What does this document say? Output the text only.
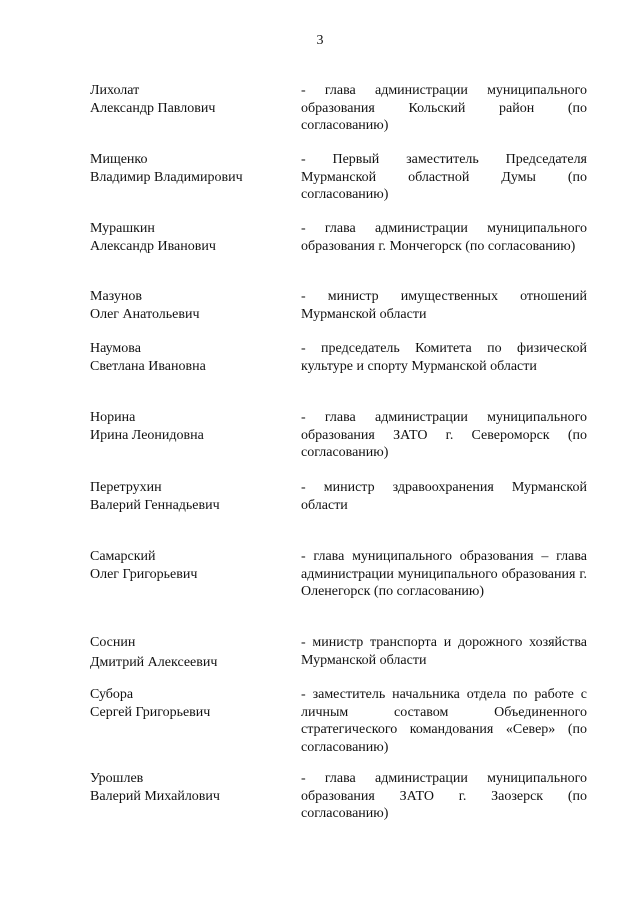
3
Лихолат
Александр Павлович
- глава администрации муниципального образования Кольский район (по согласованию)
Мищенко
Владимир Владимирович
- Первый заместитель Председателя Мурманской областной Думы (по согласованию)
Мурашкин
Александр Иванович
- глава администрации муниципального образования г. Мончегорск (по согласованию)
Мазунов
Олег Анатольевич
- министр имущественных отношений Мурманской области
Наумова
Светлана Ивановна
- председатель Комитета по физической культуре и спорту Мурманской области
Норина
Ирина Леонидовна
- глава администрации муниципального образования ЗАТО г. Североморск (по согласованию)
Перетрухин
Валерий Геннадьевич
- министр здравоохранения Мурманской области
Самарский
Олег Григорьевич
- глава муниципального образования – глава администрации муниципального образования г. Оленегорск (по согласованию)
Соснин
Дмитрий Алексеевич
- министр транспорта и дорожного хозяйства Мурманской области
Субора
Сергей Григорьевич
- заместитель начальника отдела по работе с личным составом Объединенного стратегического командования «Север» (по согласованию)
Урошлев
Валерий Михайлович
- глава администрации муниципального образования ЗАТО г. Заозерск (по согласованию)
